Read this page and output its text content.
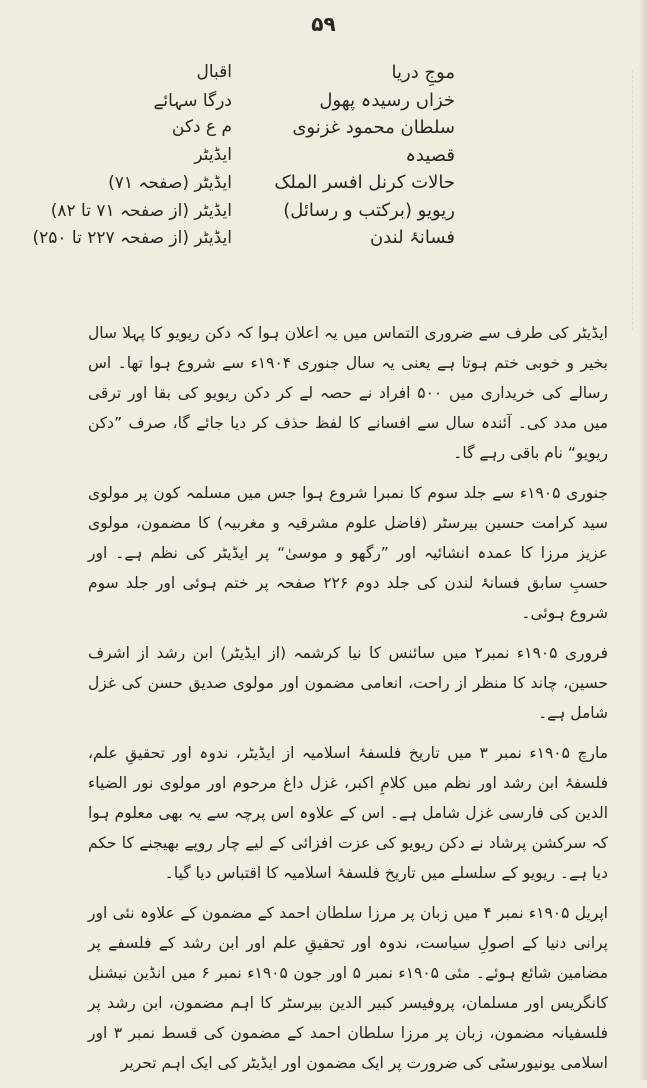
۵۹
موجِ دریا
اقبال
خزاں رسیدہ پھول
درگا سہائے
سلطان محمود غزنوی
م ع دکن
قصیدہ
ایڈیٹر
حالات کرنل افسر الملک
ایڈیٹر (صفحہ ۷۱)
ریویو (برکتب و رسائل)
ایڈیٹر (از صفحہ ۷۱ تا ۸۲)
فسانۂ لندن
ایڈیٹر (از صفحہ ۲۲۷ تا ۲۵۰)

ایڈیٹر کی طرف سے ضروری التماس میں یہ اعلان ہوا کہ دکن ریویو کا پہلا سال بخیر و خوبی ختم ہوتا ہے یعنی یہ سال جنوری ۱۹۰۴ء سے شروع ہوا تھا۔ اس رسالے کی خریداری میں ۵۰۰ افراد نے حصہ لے کر دکن ریویو کی بقا اور ترقی میں مدد کی۔ آئندہ سال سے افسانے کا لفظ حذف کر دیا جائے گا، صرف ”دکن ریویو“ نام باقی رہے گا۔

جنوری ۱۹۰۵ء سے جلد سوم کا نمبرا شروع ہوا جس میں مسلمہ کون پر مولوی سید کرامت حسین بیرسٹر (فاضل علوم مشرقیہ و مغربیہ) کا مضمون، مولوی عزیز مرزا کا عمدہ انشائیہ اور ”رگھو و موسیٰ“ پر ایڈیٹر کی نظم ہے۔ اور حسبِ سابق فسانۂ لندن کی جلد دوم ۲۲۶ صفحہ پر ختم ہوئی اور جلد سوم شروع ہوئی۔

فروری ۱۹۰۵ء نمبر۲ میں سائنس کا نیا کرشمہ (از ایڈیٹر) ابن رشد از اشرف حسین، چاند کا منظر از راحت، انعامی مضمون اور مولوی صدیق حسن کی غزل شامل ہے۔

مارچ ۱۹۰۵ء نمبر ۳ میں تاریخ فلسفۂ اسلامیہ از ایڈیٹر، ندوہ اور تحقیقِ علم، فلسفۂ ابن رشد اور نظم میں کلامِ اکبر، غزل داغ مرحوم اور مولوی نور الضیاء الدین کی فارسی غزل شامل ہے۔ اس کے علاوہ اس پرچہ سے یہ بھی معلوم ہوا کہ سرکشن پرشاد نے دکن ریویو کی عزت افزائی کے لیے چار روپے بھیجنے کا حکم دیا ہے۔ ریویو کے سلسلے میں تاریخ فلسفۂ اسلامیہ کا اقتباس دیا گیا۔

اپریل ۱۹۰۵ء نمبر ۴ میں زبان پر مرزا سلطان احمد کے مضمون کے علاوہ نئی اور پرانی دنیا کے اصولِ سیاست، ندوہ اور تحقیقِ علم اور ابن رشد کے فلسفے پر مضامین شائع ہوئے۔ مئی ۱۹۰۵ء نمبر ۵ اور جون ۱۹۰۵ء نمبر ۶ میں انڈین نیشنل کانگریس اور مسلمان، پروفیسر کبیر الدین بیرسٹر کا اہم مضمون، ابن رشد پر فلسفیانہ مضمون، زبان پر مرزا سلطان احمد کے مضمون کی قسط نمبر ۳ اور اسلامی یونیورسٹی کی ضرورت پر ایک مضمون اور ایڈیٹر کی ایک اہم تحریر
